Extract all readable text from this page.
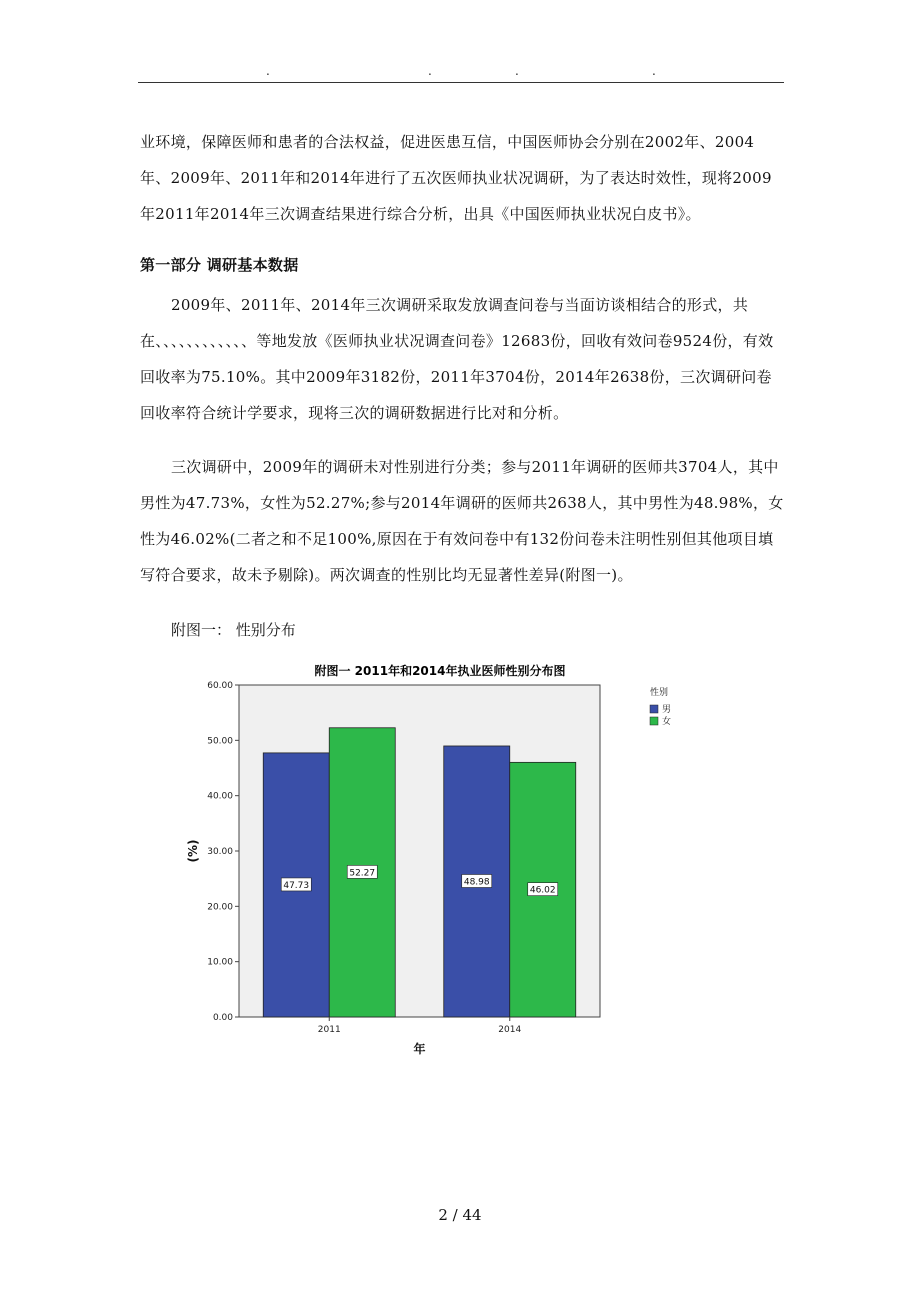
.	.	.	.
业环境，保障医师和患者的合法权益，促进医患互信，中国医师协会分别在2002年、2004年、2009年、2011年和2014年进行了五次医师执业状况调研，为了表达时效性，现将2009年2011年2014年三次调查结果进行综合分析，出具《中国医师执业状况白皮书》。
第一部分 调研基本数据
2009年、2011年、2014年三次调研采取发放调查问卷与当面访谈相结合的形式，共在、、、、、、、、、、、、等地发放《医师执业状况调查问卷》12683份，回收有效问卷9524份，有效回收率为75.10%。其中2009年3182份，2011年3704份，2014年2638份，三次调研问卷回收率符合统计学要求，现将三次的调研数据进行比对和分析。
三次调研中，2009年的调研未对性别进行分类；参与2011年调研的医师共3704人，其中男性为47.73%，女性为52.27%;参与2014年调研的医师共2638人，其中男性为48.98%，女性为46.02%(二者之和不足100%,原因在于有效问卷中有132份问卷未注明性别但其他项目填写符合要求，故未予剔除)。两次调查的性别比均无显著性差异(附图一)。
附图一： 性别分布
附图一 2011年和2014年执业医师性别分布图
0.00
10.00
20.00
30.00
40.00
50.00
60.00
47.73
52.27
48.98
46.02
2011	2014
(%)
年
性别
男
女
2 / 44
